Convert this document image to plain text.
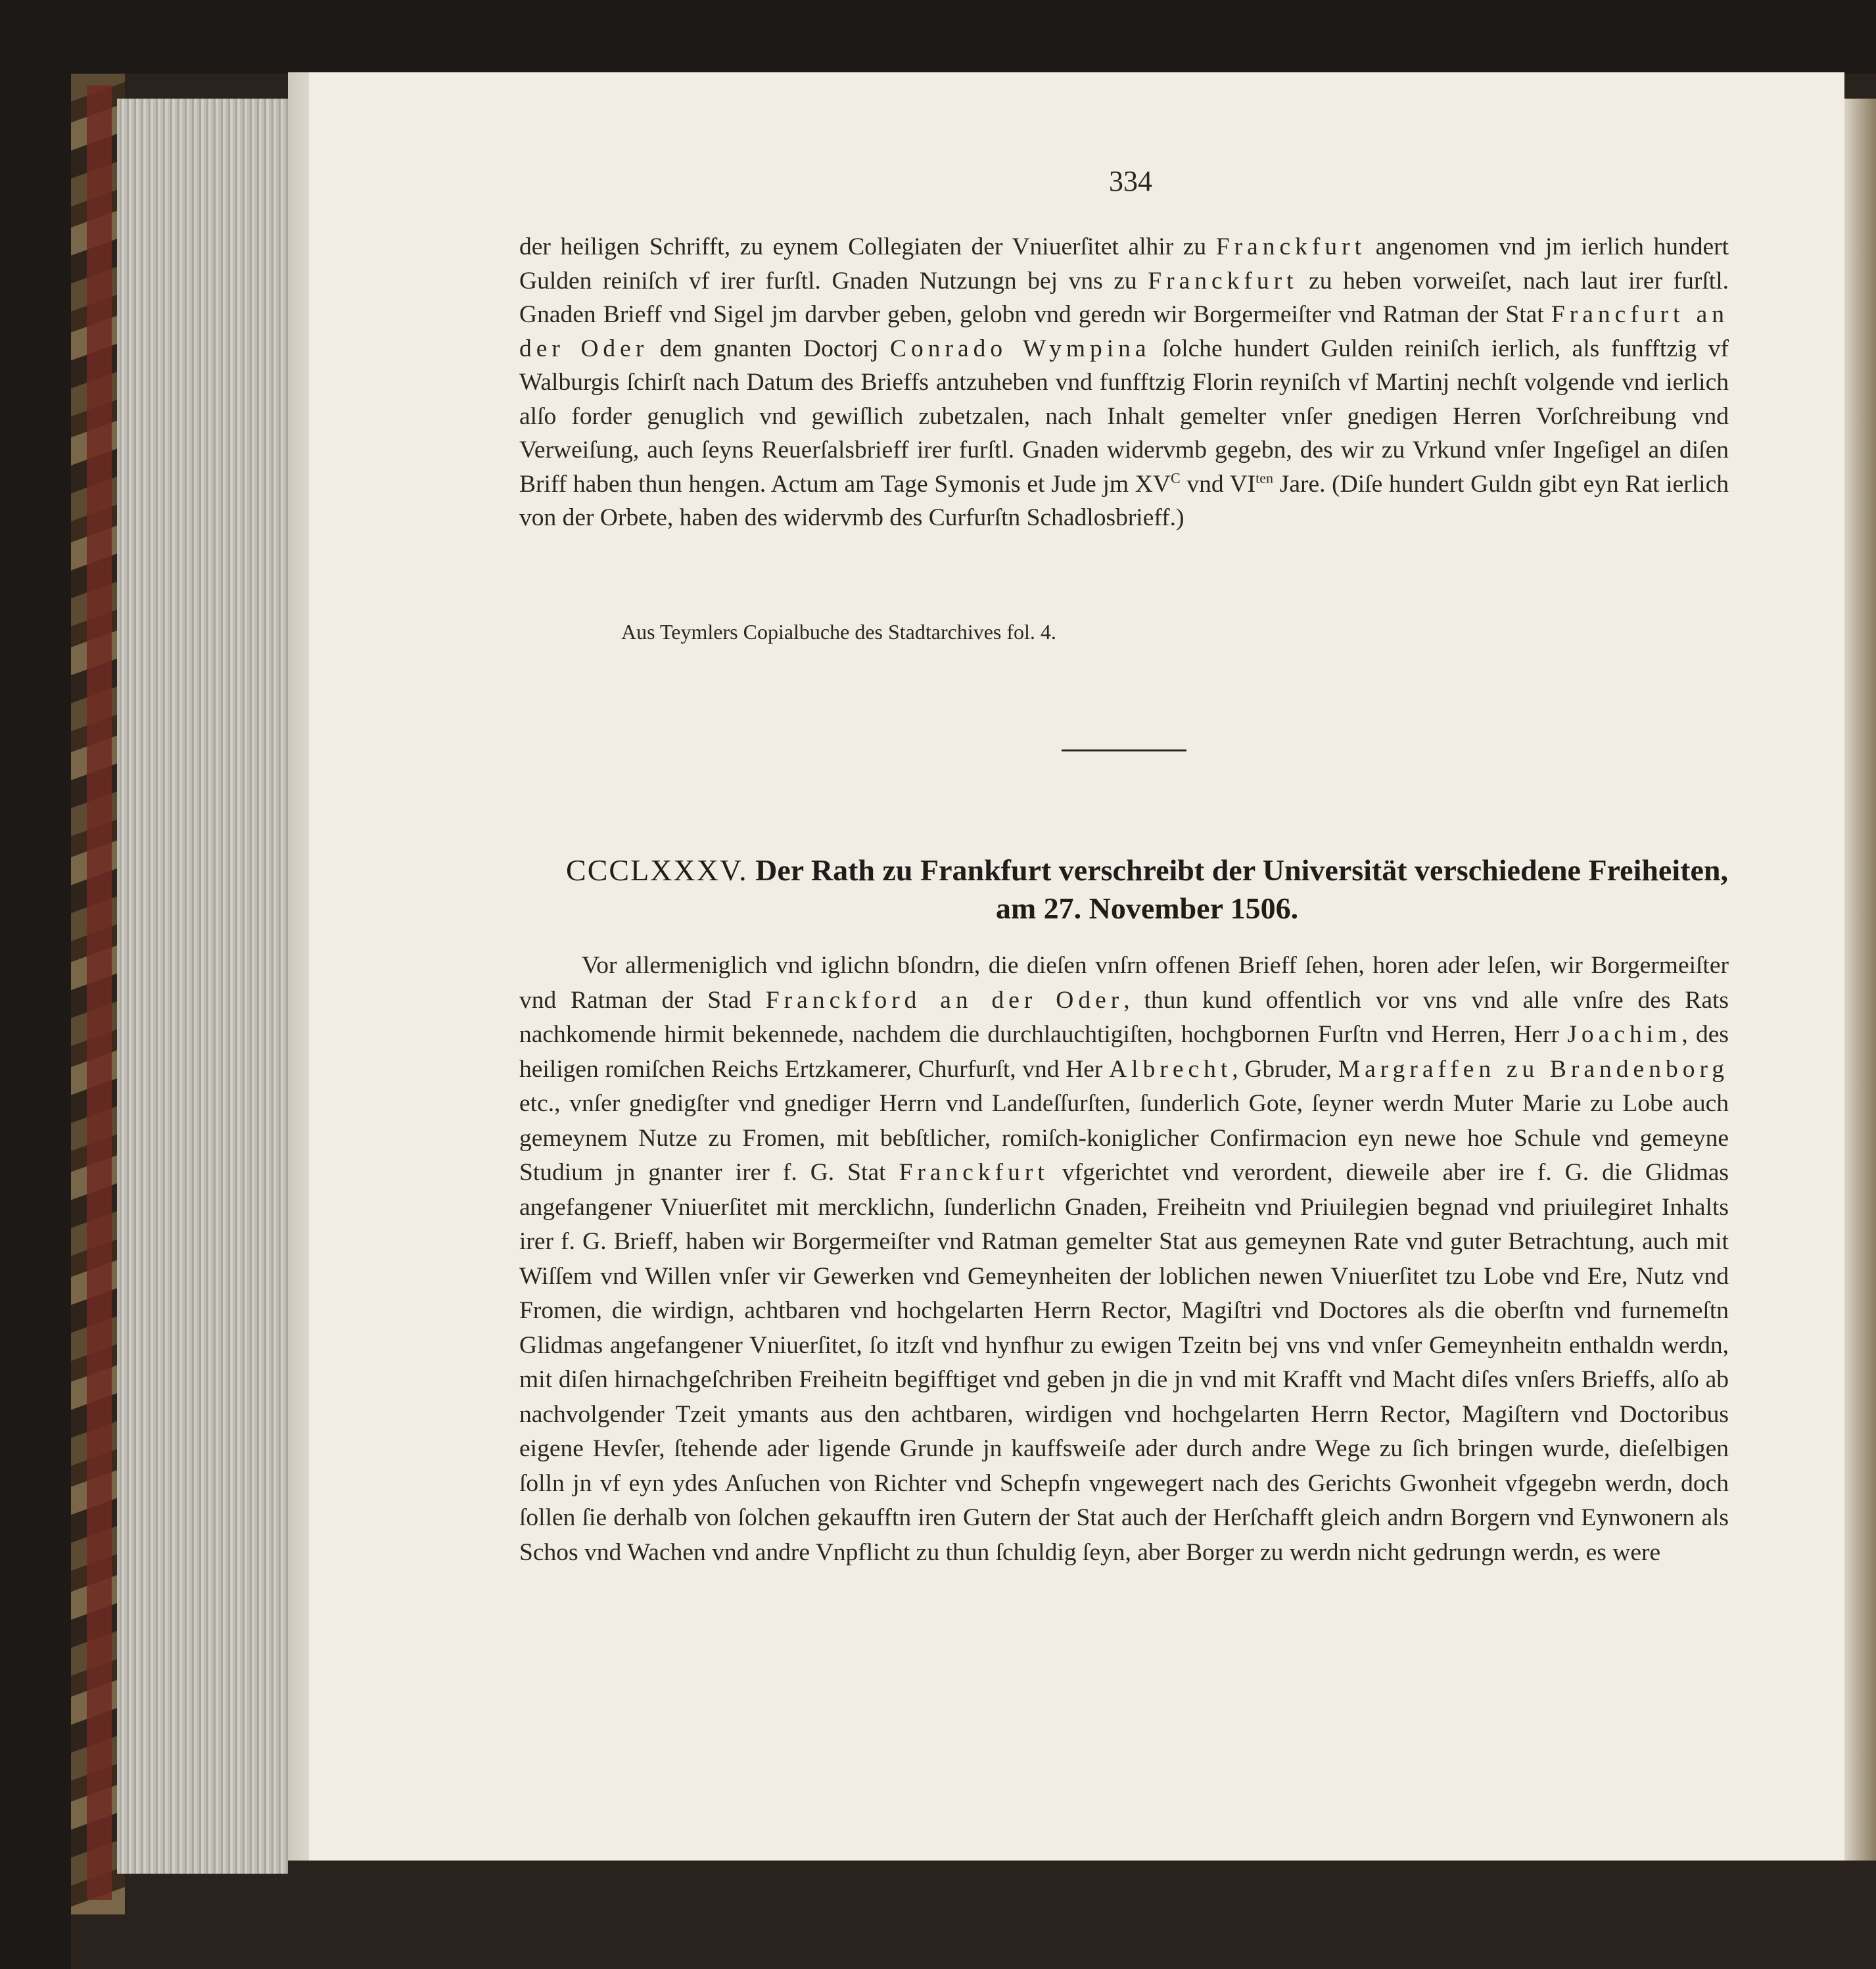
334

der heiligen Schrifft, zu eynem Collegiaten der Vniuerſitet alhir zu Franckfurt angenomen vnd jm ierlich hundert Gulden reiniſch vf irer furſtl. Gnaden Nutzungn bej vns zu Franckfurt zu heben vorweiſet, nach laut irer furſtl. Gnaden Brieff vnd Sigel jm darvber geben, gelobn vnd geredn wir Borgermeiſter vnd Ratman der Stat Francfurt an der Oder dem gnanten Doctorj Conrado Wympina ſolche hundert Gulden reiniſch ierlich, als funfftzig vf Walburgis ſchirſt nach Datum des Brieffs antzuheben vnd funfftzig Florin reyniſch vf Martinj nechſt volgende vnd ierlich alſo forder genuglich vnd gewiſlich zubetzalen, nach Inhalt gemelter vnſer gnedigen Herren Vorſchreibung vnd Verweiſung, auch ſeyns Reuerſalsbrieff irer furſtl. Gnaden widervmb gegebn, des wir zu Vrkund vnſer Ingeſigel an diſen Briff haben thun hengen. Actum am Tage Symonis et Jude jm $XV^C$ vnd $VI^{ten}$ Jare. (Diſe hundert Guldn gibt eyn Rat ierlich von der Orbete, haben des widervmb des Curfurſtn Schadlosbrieff.)

Aus Teymlers Copialbuche des Stadtarchives fol. 4.

CCCLXXXV. Der Rath zu Frankfurt verschreibt der Universität verschiedene Freiheiten,
am 27. November 1506.

Vor allermeniglich vnd iglichn bſondrn, die dieſen vnſrn offenen Brieff ſehen, horen ader leſen, wir Borgermeiſter vnd Ratman der Stad Franckford an der Oder, thun kund offentlich vor vns vnd alle vnſre des Rats nachkomende hirmit bekennede, nachdem die durchlauchtigiſten, hochgbornen Furſtn vnd Herren, Herr Joachim, des heiligen romiſchen Reichs Ertzkamerer, Churfurſt, vnd Her Albrecht, Gbruder, Margraffen zu Brandenborg etc., vnſer gnedigſter vnd gnediger Herrn vnd Landeſſurſten, ſunderlich Gote, ſeyner werdn Muter Marie zu Lobe auch gemeynem Nutze zu Fromen, mit bebſtlicher, romiſch-koniglicher Confirmacion eyn newe hoe Schule vnd gemeyne Studium jn gnanter irer f. G. Stat Franckfurt vfgerichtet vnd verordent, dieweile aber ire f. G. die Glidmas angefangener Vniuerſitet mit mercklichn, ſunderlichn Gnaden, Freiheitn vnd Priuilegien begnad vnd priuilegiret Inhalts irer f. G. Brieff, haben wir Borgermeiſter vnd Ratman gemelter Stat aus gemeynen Rate vnd guter Betrachtung, auch mit Wiſſem vnd Willen vnſer vir Gewerken vnd Gemeynheiten der loblichen newen Vniuerſitet tzu Lobe vnd Ere, Nutz vnd Fromen, die wirdign, achtbaren vnd hochgelarten Herrn Rector, Magiſtri vnd Doctores als die oberſtn vnd furnemeſtn Glidmas angefangener Vniuerſitet, ſo itzſt vnd hynfhur zu ewigen Tzeitn bej vns vnd vnſer Gemeynheitn enthaldn werdn, mit diſen hirnachgeſchriben Freiheitn begifftiget vnd geben jn die jn vnd mit Krafft vnd Macht diſes vnſers Brieffs, alſo ab nachvolgender Tzeit ymants aus den achtbaren, wirdigen vnd hochgelarten Herrn Rector, Magiſtern vnd Doctoribus eigene Hevſer, ſtehende ader ligende Grunde jn kauffsweiſe ader durch andre Wege zu ſich bringen wurde, dieſelbigen ſolln jn vf eyn ydes Anſuchen von Richter vnd Schepfn vngewegert nach des Gerichts Gwonheit vfgegebn werdn, doch ſollen ſie derhalb von ſolchen gekaufftn iren Gutern der Stat auch der Herſchafft gleich andrn Borgern vnd Eynwonern als Schos vnd Wachen vnd andre Vnpflicht zu thun ſchuldig ſeyn, aber Borger zu werdn nicht gedrungn werdn, es were
